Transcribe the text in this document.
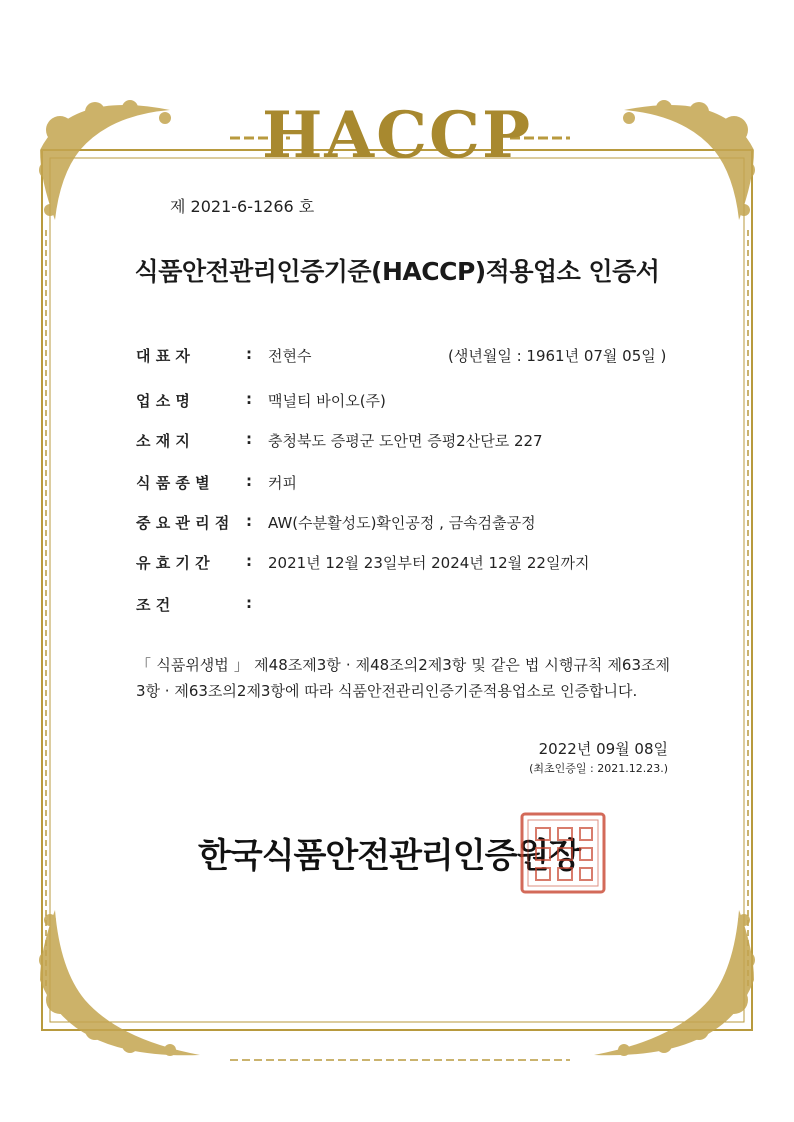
HACCP
제 2021-6-1266 호
식품안전관리인증기준(HACCP)적용업소 인증서
대 표 자	: 전현수	(생년월일 : 1961년 07월 05일 )
업 소 명	: 맥널티 바이오(주)
소 재 지	: 충청북도 증평군 도안면 증평2산단로 227
식 품 종 별	: 커피
중 요 관 리 점	: AW(수분활성도)확인공정 , 금속검출공정
유 효 기 간	: 2021년 12월 23일부터 2024년 12월 22일까지
조 건	:
「 식품위생법 」 제48조제3항 · 제48조의2제3항 및 같은 법 시행규칙 제63조제3항 · 제63조의2제3항에 따라 식품안전관리인증기준적용업소로 인증합니다.
2022년 09월 08일
(최초인증일 : 2021.12.23.)
한국식품안전관리인증원장
